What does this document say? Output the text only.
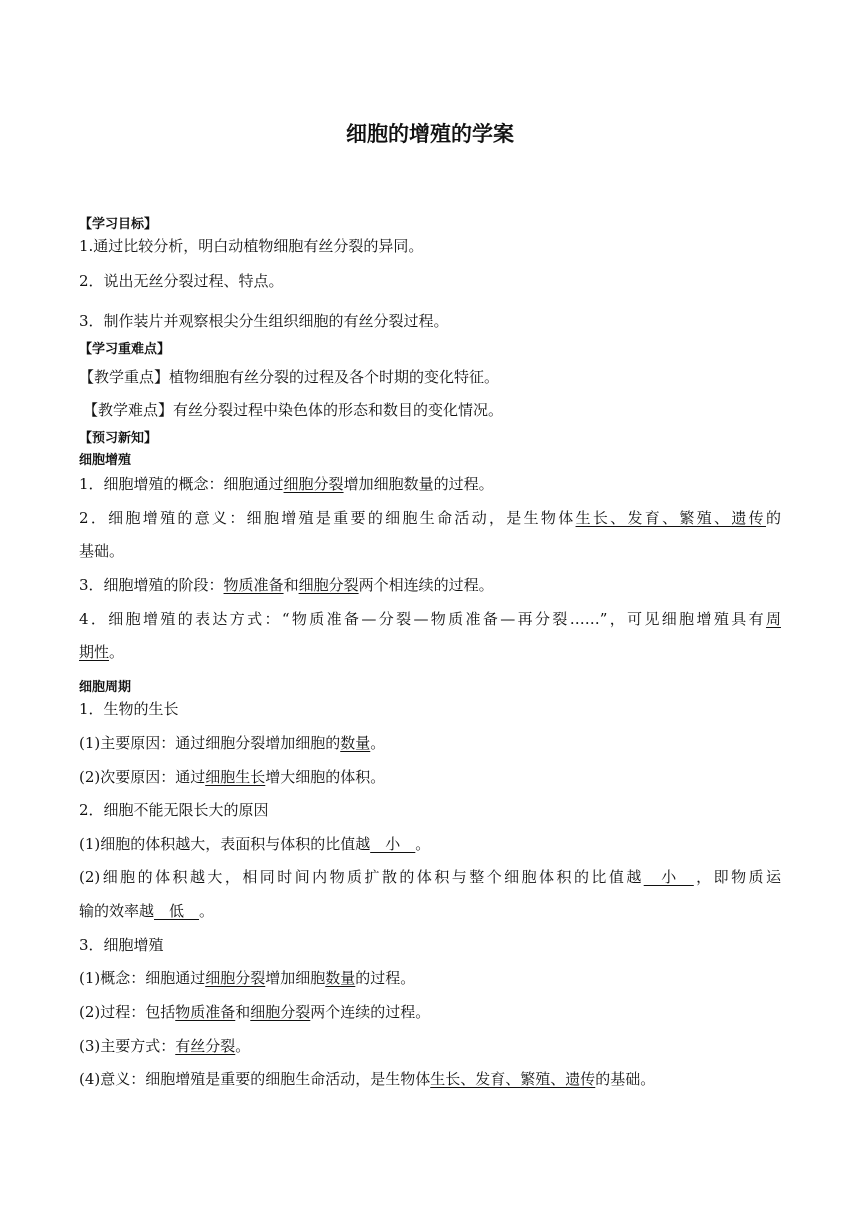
细胞的增殖的学案
【学习目标】
1.通过比较分析，明白动植物细胞有丝分裂的异同。
2．说出无丝分裂过程、特点。
3．制作装片并观察根尖分生组织细胞的有丝分裂过程。
【学习重难点】
【教学重点】植物细胞有丝分裂的过程及各个时期的变化特征。
【教学难点】有丝分裂过程中染色体的形态和数目的变化情况。
【预习新知】
细胞增殖
1．细胞增殖的概念：细胞通过细胞分裂增加细胞数量的过程。
2．细胞增殖的意义：细胞增殖是重要的细胞生命活动，是生物体生长、发育、繁殖、遗传的
基础。
3．细胞增殖的阶段：物质准备和细胞分裂两个相连续的过程。
4．细胞增殖的表达方式：“物质准备—分裂—物质准备—再分裂……”，可见细胞增殖具有周
期性。
细胞周期
1．生物的生长
(1)主要原因：通过细胞分裂增加细胞的数量。
(2)次要原因：通过细胞生长增大细胞的体积。
2．细胞不能无限长大的原因
(1)细胞的体积越大，表面积与体积的比值越__小__。
(2)细胞的体积越大，相同时间内物质扩散的体积与整个细胞体积的比值越__小__，即物质运
输的效率越__低__。
3．细胞增殖
(1)概念：细胞通过细胞分裂增加细胞数量的过程。
(2)过程：包括物质准备和细胞分裂两个连续的过程。
(3)主要方式：有丝分裂。
(4)意义：细胞增殖是重要的细胞生命活动，是生物体生长、发育、繁殖、遗传的基础。
